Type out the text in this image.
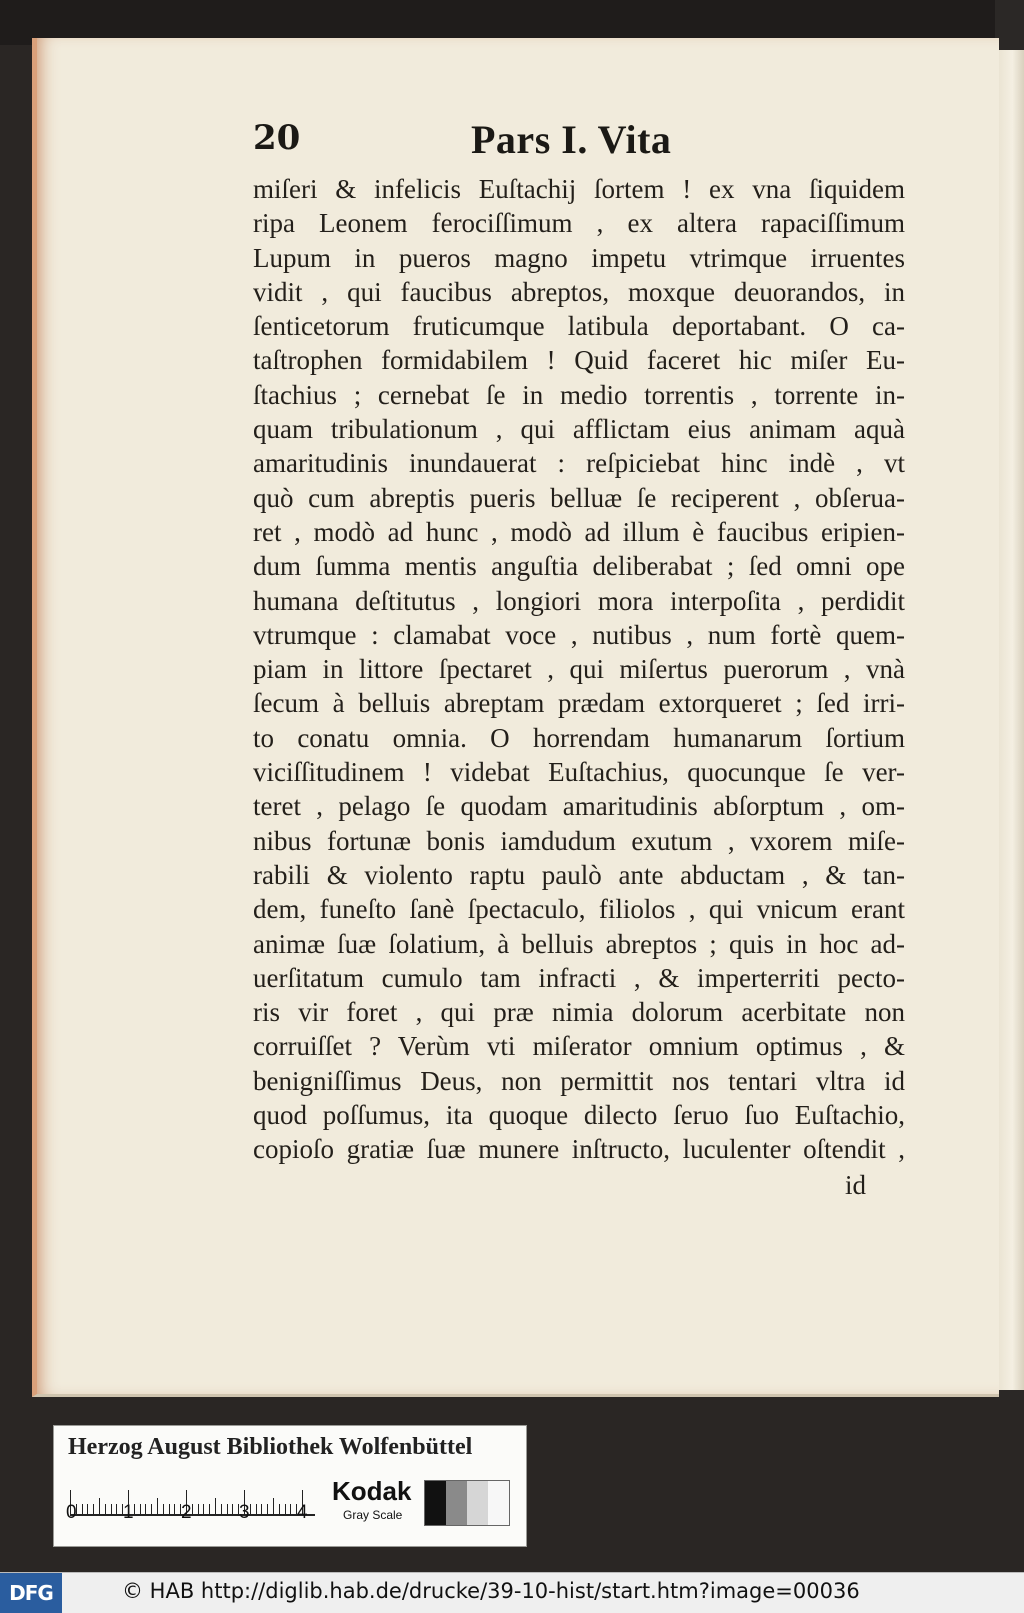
20	Pars I. Vita
miſeri & infelicis Euſtachij ſortem ! ex vna ſiquidem
ripa Leonem ferociſſimum , ex altera rapaciſſimum
Lupum in pueros magno impetu vtrimque irruentes
vidit , qui faucibus abreptos, moxque deuorandos, in
ſenticetorum fruticumque latibula deportabant. O ca-
taſtrophen formidabilem ! Quid faceret hic miſer Eu-
ſtachius ; cernebat ſe in medio torrentis , torrente in-
quam tribulationum , qui afflictam eius animam aquà
amaritudinis inundauerat : reſpiciebat hinc indè , vt
quò cum abreptis pueris belluæ ſe reciperent , obſerua-
ret , modò ad hunc , modò ad illum è faucibus eripien-
dum ſumma mentis anguſtia deliberabat ; ſed omni ope
humana deſtitutus , longiori mora interpoſita , perdidit
vtrumque : clamabat voce , nutibus , num fortè quem-
piam in littore ſpectaret , qui miſertus puerorum , vnà
ſecum à belluis abreptam prædam extorqueret ; ſed irri-
to conatu omnia. O horrendam humanarum ſortium
viciſſitudinem ! videbat Euſtachius, quocunque ſe ver-
teret , pelago ſe quodam amaritudinis abſorptum , om-
nibus fortunæ bonis iamdudum exutum , vxorem miſe-
rabili & violento raptu paulò ante abductam , & tan-
dem, funeſto ſanè ſpectaculo, filiolos , qui vnicum erant
animæ ſuæ ſolatium, à belluis abreptos ; quis in hoc ad-
uerſitatum cumulo tam infracti , & imperterriti pecto-
ris vir foret , qui præ nimia dolorum acerbitate non
corruiſſet ? Verùm vti miſerator omnium optimus , &
benigniſſimus Deus, non permittit nos tentari vltra id
quod poſſumus, ita quoque dilecto ſeruo ſuo Euſtachio,
copioſo gratiæ ſuæ munere inſtructo, luculenter oſtendit ,
id
Herzog August Bibliothek Wolfenbüttel
Kodak
Gray Scale
0 1 2 3 4
DFG	© HAB http://diglib.hab.de/drucke/39-10-hist/start.htm?image=00036
